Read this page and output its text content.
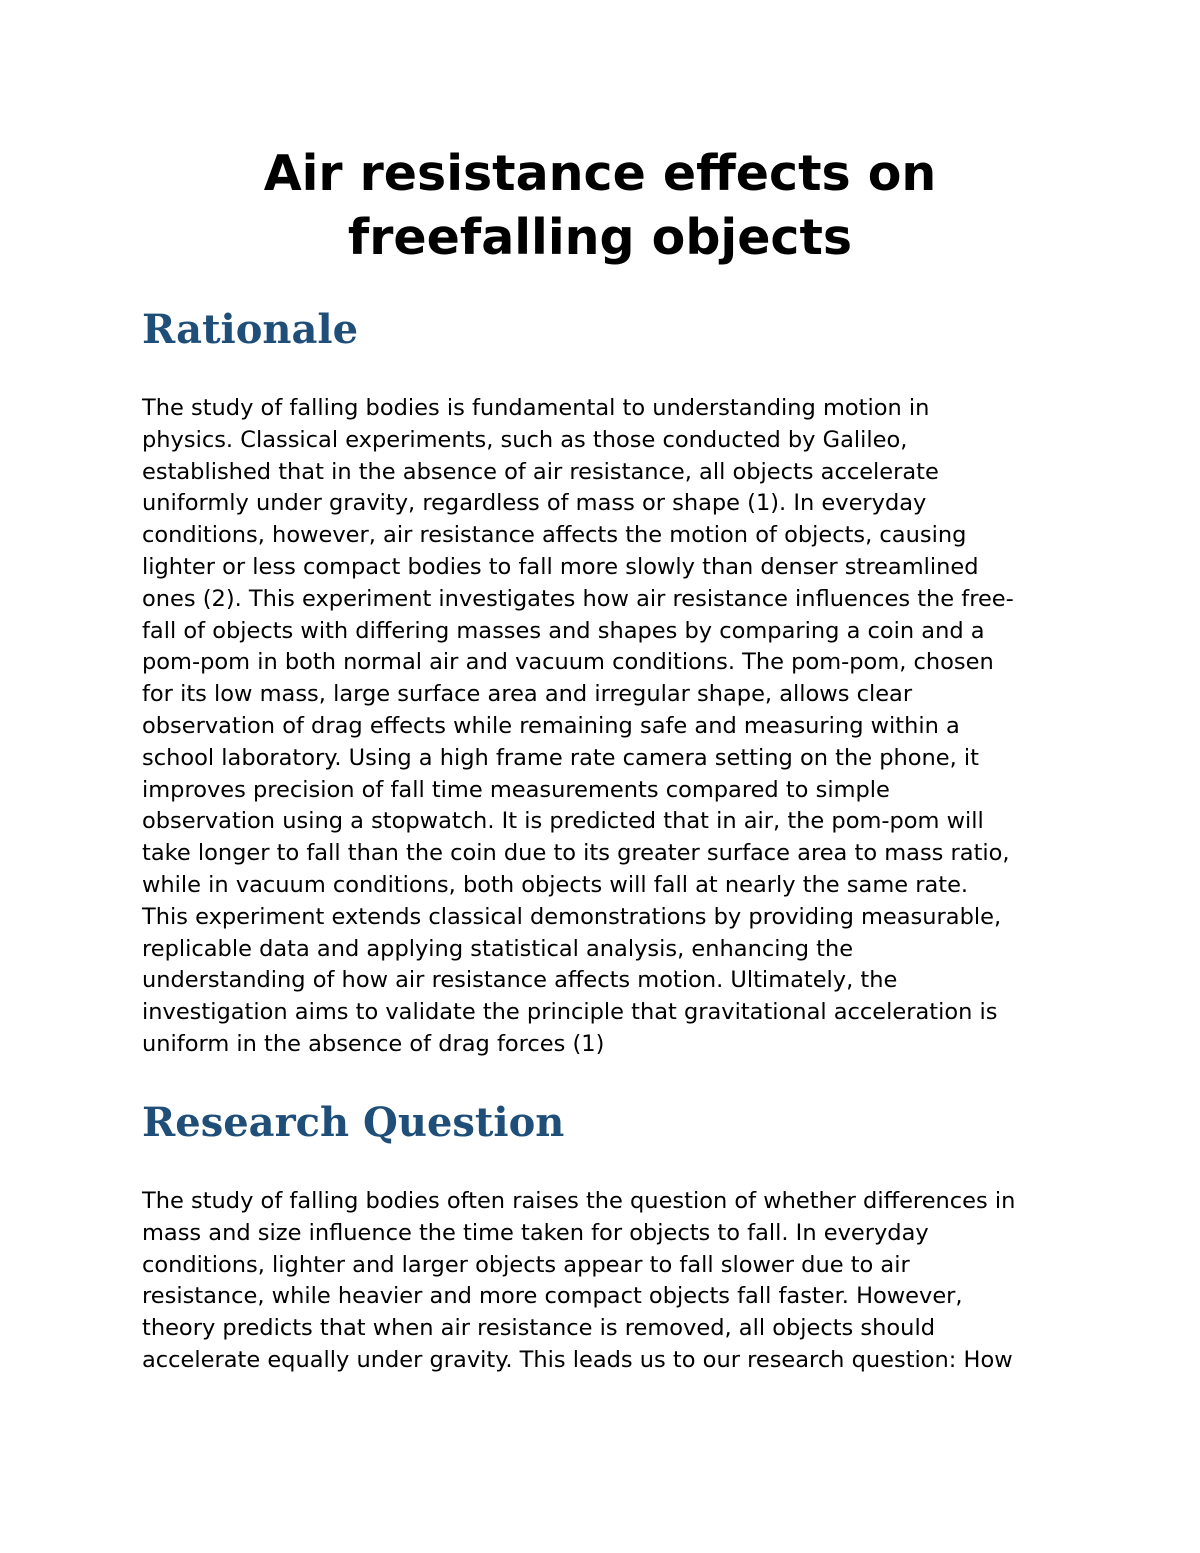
Air resistance effects on
freefalling objects
Rationale

The study of falling bodies is fundamental to understanding motion in
physics. Classical experiments, such as those conducted by Galileo,
established that in the absence of air resistance, all objects accelerate
uniformly under gravity, regardless of mass or shape (1). In everyday
conditions, however, air resistance affects the motion of objects, causing
lighter or less compact bodies to fall more slowly than denser streamlined
ones (2). This experiment investigates how air resistance influences the free-
fall of objects with differing masses and shapes by comparing a coin and a
pom-pom in both normal air and vacuum conditions. The pom-pom, chosen
for its low mass, large surface area and irregular shape, allows clear
observation of drag effects while remaining safe and measuring within a
school laboratory. Using a high frame rate camera setting on the phone, it
improves precision of fall time measurements compared to simple
observation using a stopwatch. It is predicted that in air, the pom-pom will
take longer to fall than the coin due to its greater surface area to mass ratio,
while in vacuum conditions, both objects will fall at nearly the same rate.
This experiment extends classical demonstrations by providing measurable,
replicable data and applying statistical analysis, enhancing the
understanding of how air resistance affects motion. Ultimately, the
investigation aims to validate the principle that gravitational acceleration is
uniform in the absence of drag forces (1)

Research Question

The study of falling bodies often raises the question of whether differences in
mass and size influence the time taken for objects to fall. In everyday
conditions, lighter and larger objects appear to fall slower due to air
resistance, while heavier and more compact objects fall faster. However,
theory predicts that when air resistance is removed, all objects should
accelerate equally under gravity. This leads us to our research question: How
